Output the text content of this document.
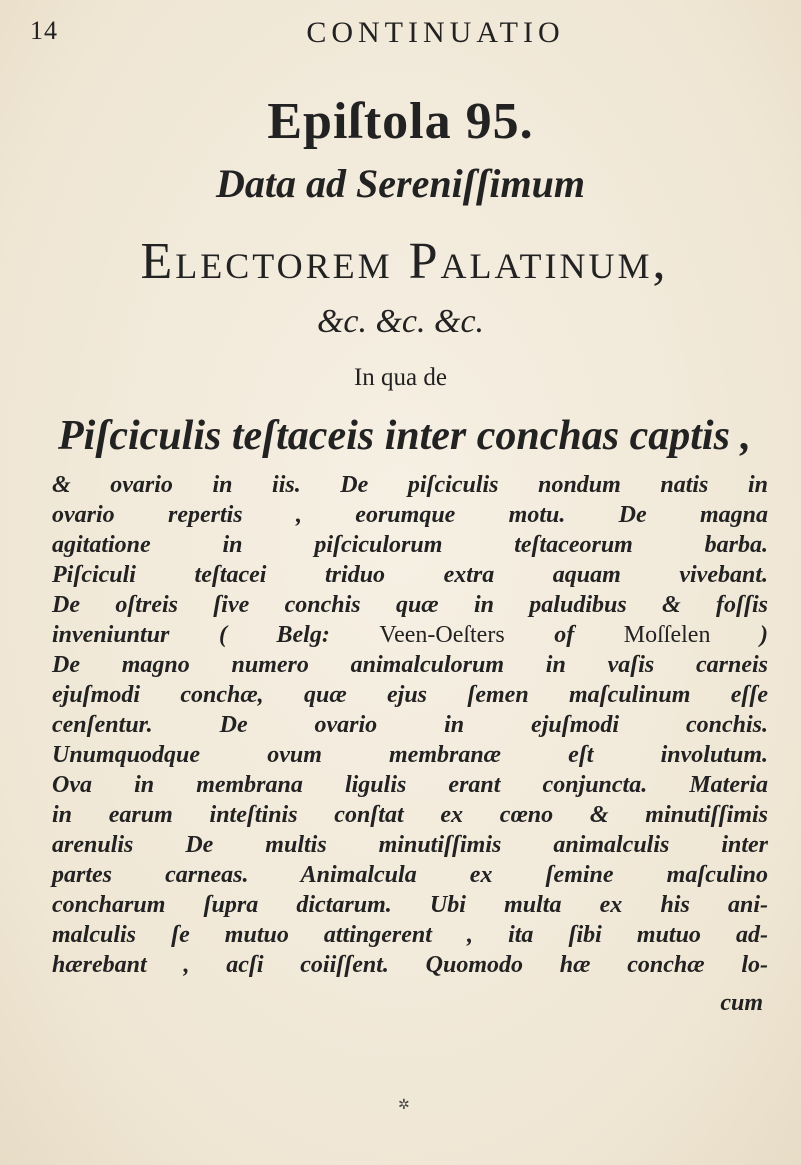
14	CONTINUATIO
Epiſtola 95.
Data ad Sereniſſimum
Electorem Palatinum,
&c. &c. &c.
In qua de
Piſciculis teſtaceis inter conchas captis ,
& ovario in iis. De piſciculis nondum natis in
ovario repertis , eorumque motu. De magna
agitatione in piſciculorum teſtaceorum barba.
Piſciculi teſtacei triduo extra aquam vivebant.
De oſtreis ſive conchis quæ in paludibus & foſſis
inveniuntur ( Belg: Veen-Oeſters of Moſſelen )
De magno numero animalculorum in vaſis carneis
ejuſmodi conchæ, quæ ejus ſemen maſculinum eſſe
cenſentur. De ovario in ejuſmodi conchis.
Unumquodque ovum membranæ eſt involutum.
Ova in membrana ligulis erant conjuncta. Materia
in earum inteſtinis conſtat ex cœno & minutiſſimis
arenulis De multis minutiſſimis animalculis inter
partes carneas. Animalcula ex ſemine maſculino
concharum ſupra dictarum. Ubi multa ex his ani-
malculis ſe mutuo attingerent , ita ſibi mutuo ad-
hærebant , acſi coiiſſent. Quomodo hæ conchæ lo-
cum
✲
